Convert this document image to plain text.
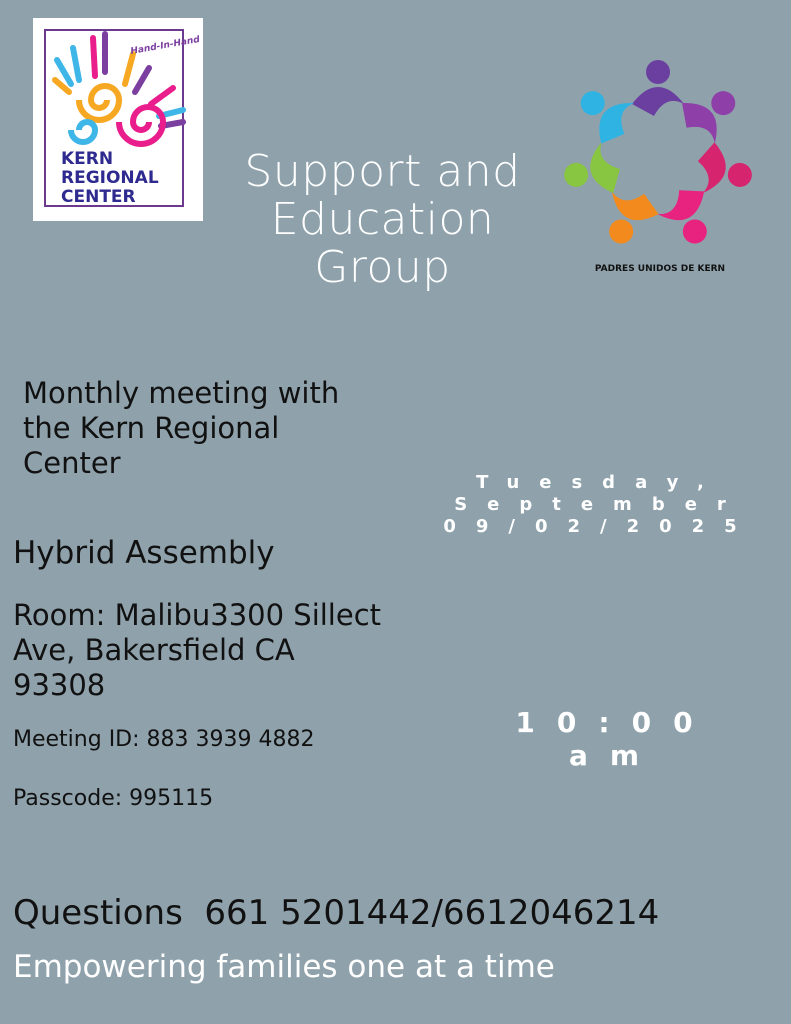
Hand-In-Hand
KERN
REGIONAL
CENTER
PADRES UNIDOS DE KERN
Support and
Education
Group
Monthly meeting with
the Kern Regional
Center
Hybrid Assembly
Room: Malibu3300 Sillect
Ave, Bakersfield CA
93308
Meeting ID: 883 3939 4882
Passcode: 995115
Tuesday,
September
09/02/2025
10:00
am
Questions  661 5201442/6612046214
Empowering families one at a time
